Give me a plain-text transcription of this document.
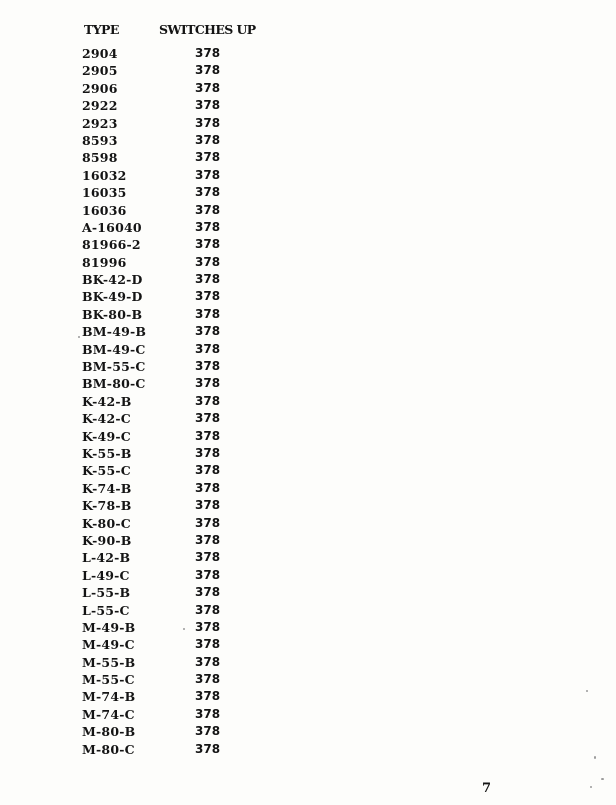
TYPE	SWITCHES UP
2904	378
2905	378
2906	378
2922	378
2923	378
8593	378
8598	378
16032	378
16035	378
16036	378
A-16040	378
81966-2	378
81996	378
BK-42-D	378
BK-49-D	378
BK-80-B	378
BM-49-B	378
BM-49-C	378
BM-55-C	378
BM-80-C	378
K-42-B	378
K-42-C	378
K-49-C	378
K-55-B	378
K-55-C	378
K-74-B	378
K-78-B	378
K-80-C	378
K-90-B	378
L-42-B	378
L-49-C	378
L-55-B	378
L-55-C	378
M-49-B	378
M-49-C	378
M-55-B	378
M-55-C	378
M-74-B	378
M-74-C	378
M-80-B	378
M-80-C	378
7
